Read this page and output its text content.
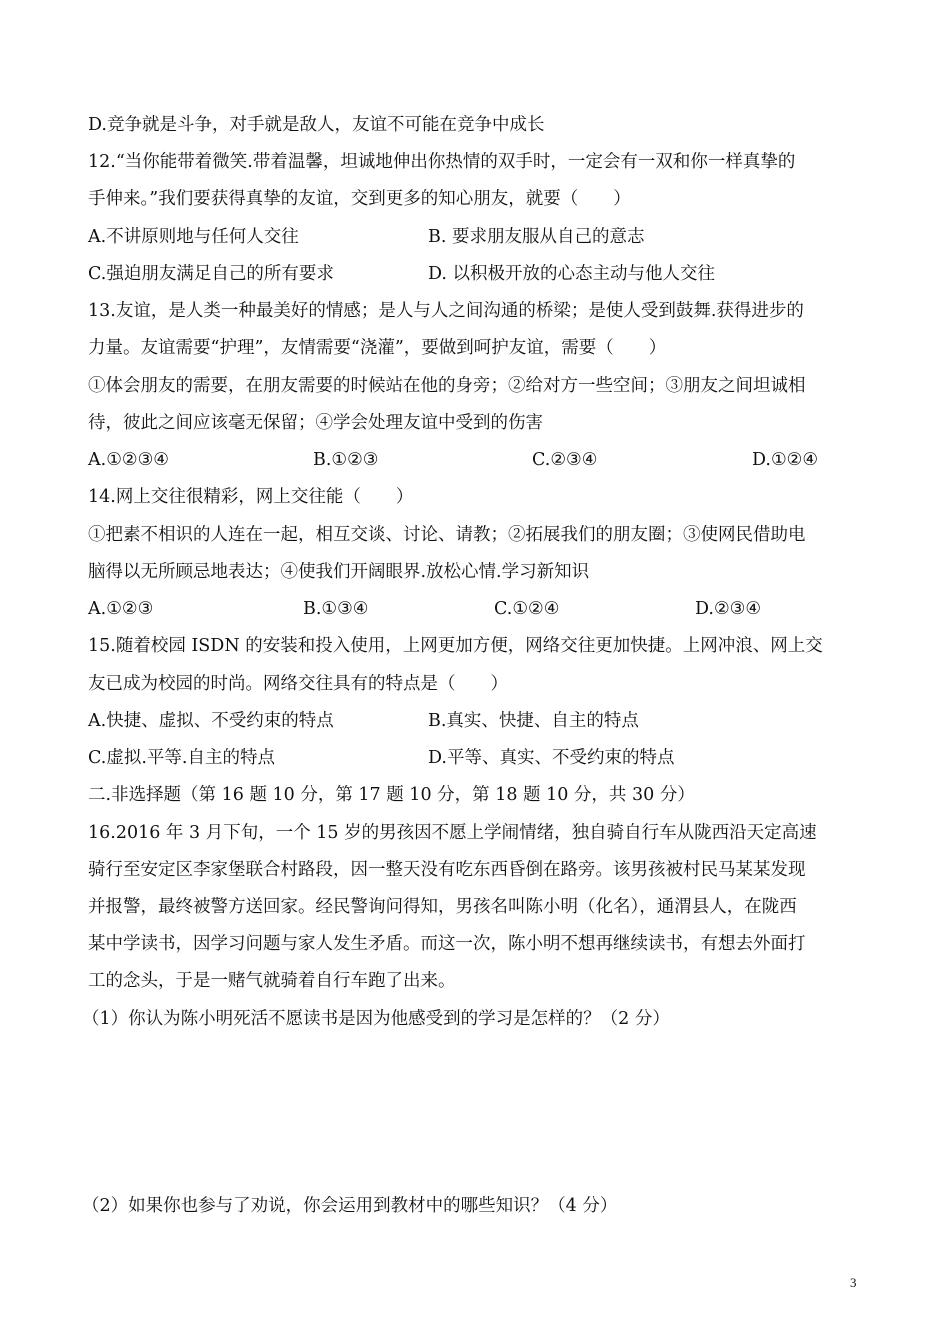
D.竞争就是斗争，对手就是敌人，友谊不可能在竞争中成长
12.“当你能带着微笑.带着温馨，坦诚地伸出你热情的双手时，一定会有一双和你一样真挚的
手伸来。”我们要获得真挚的友谊，交到更多的知心朋友，就要（　　）
A.不讲原则地与任何人交往	B. 要求朋友服从自己的意志
C.强迫朋友满足自己的所有要求	D. 以积极开放的心态主动与他人交往
13.友谊，是人类一种最美好的情感；是人与人之间沟通的桥梁；是使人受到鼓舞.获得进步的
力量。友谊需要“护理”，友情需要“浇灌”，要做到呵护友谊，需要（　　）
①体会朋友的需要，在朋友需要的时候站在他的身旁；②给对方一些空间；③朋友之间坦诚相
待，彼此之间应该毫无保留；④学会处理友谊中受到的伤害
A.①②③④	B.①②③	C.②③④	D.①②④
14.网上交往很精彩，网上交往能（　　）
①把素不相识的人连在一起，相互交谈、讨论、请教；②拓展我们的朋友圈；③使网民借助电
脑得以无所顾忌地表达；④使我们开阔眼界.放松心情.学习新知识
A.①②③	B.①③④	C.①②④	D.②③④
15.随着校园 ISDN 的安装和投入使用，上网更加方便，网络交往更加快捷。上网冲浪、网上交
友已成为校园的时尚。网络交往具有的特点是（　　）
A.快捷、虚拟、不受约束的特点	B.真实、快捷、自主的特点
C.虚拟.平等.自主的特点	D.平等、真实、不受约束的特点
二.非选择题（第 16 题 10 分，第 17 题 10 分，第 18 题 10 分，共 30 分）
16.2016 年 3 月下旬，一个 15 岁的男孩因不愿上学闹情绪，独自骑自行车从陇西沿天定高速
骑行至安定区李家堡联合村路段，因一整天没有吃东西昏倒在路旁。该男孩被村民马某某发现
并报警，最终被警方送回家。经民警询问得知，男孩名叫陈小明（化名），通渭县人，在陇西
某中学读书，因学习问题与家人发生矛盾。而这一次，陈小明不想再继续读书，有想去外面打
工的念头，于是一赌气就骑着自行车跑了出来。
（1）你认为陈小明死活不愿读书是因为他感受到的学习是怎样的？（2 分）
（2）如果你也参与了劝说，你会运用到教材中的哪些知识？（4 分）
3
